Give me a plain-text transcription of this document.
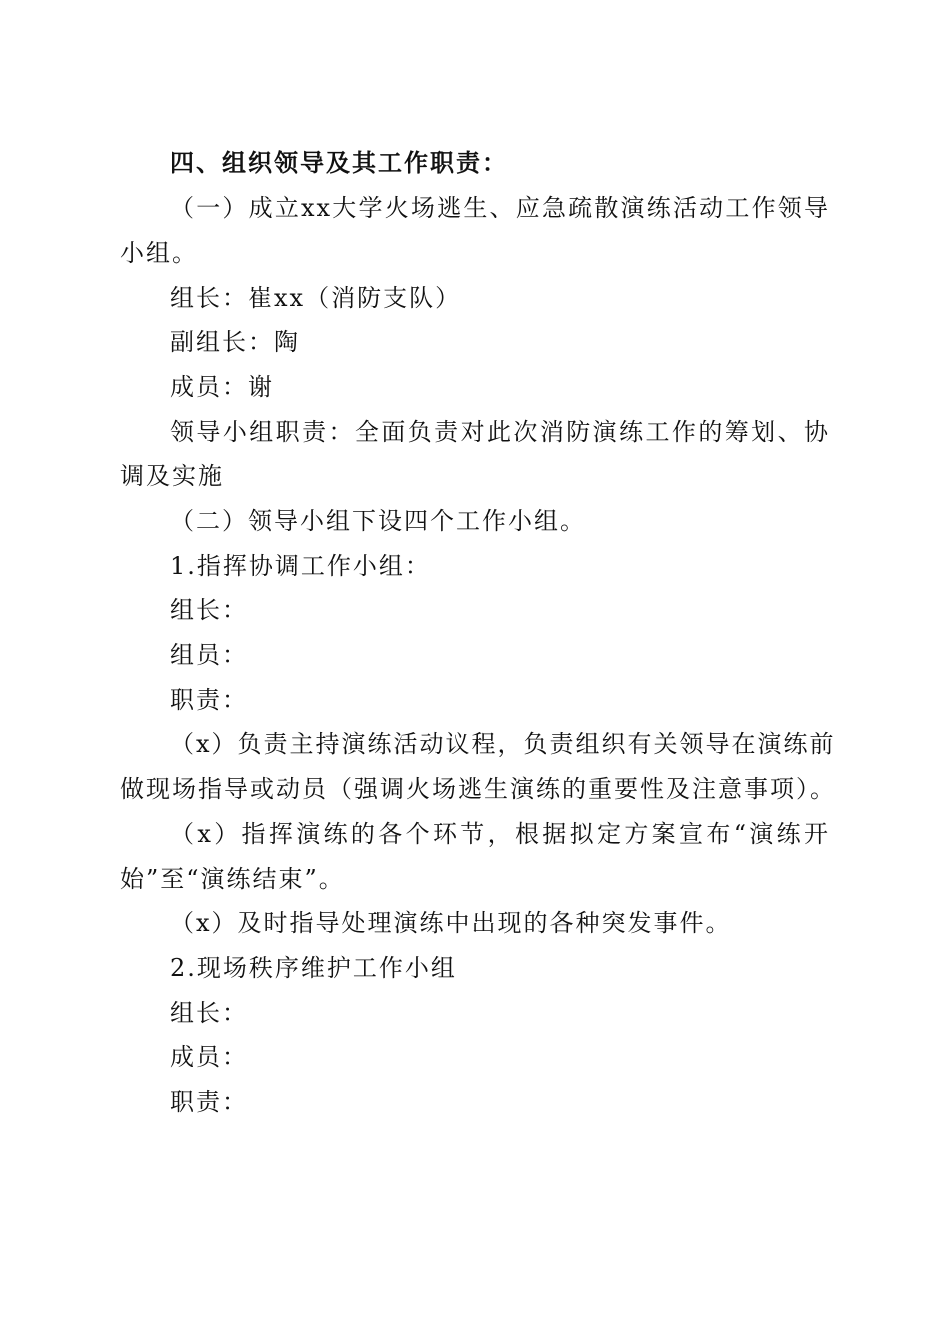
四、组织领导及其工作职责：
（一）成立xx大学火场逃生、应急疏散演练活动工作领导
小组。
组长：崔xx（消防支队）
副组长：陶
成员：谢
领导小组职责：全面负责对此次消防演练工作的筹划、协
调及实施
（二）领导小组下设四个工作小组。
1.指挥协调工作小组：
组长：
组员：
职责：
（x）负责主持演练活动议程，负责组织有关领导在演练前
做现场指导或动员（强调火场逃生演练的重要性及注意事项）。
（x）指挥演练的各个环节，根据拟定方案宣布“演练开
始”至“演练结束”。
（x）及时指导处理演练中出现的各种突发事件。
2.现场秩序维护工作小组
组长：
成员：
职责：
